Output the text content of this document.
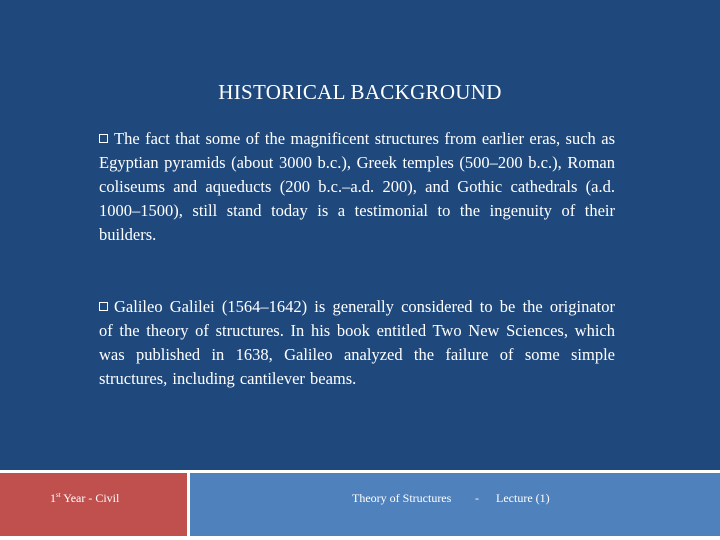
HISTORICAL BACKGROUND
The fact that some of the magnificent structures from earlier eras, such as Egyptian pyramids (about 3000 b.c.), Greek temples (500–200 b.c.), Roman coliseums and aqueducts (200 b.c.–a.d. 200), and Gothic cathedrals (a.d. 1000–1500), still stand today is a testimonial to the ingenuity of their builders.
Galileo Galilei (1564–1642) is generally considered to be the originator of the theory of structures. In his book entitled Two New Sciences, which was published in 1638, Galileo analyzed the failure of some simple structures, including cantilever beams.
1st Year - Civil	Theory of Structures - Lecture (1)
